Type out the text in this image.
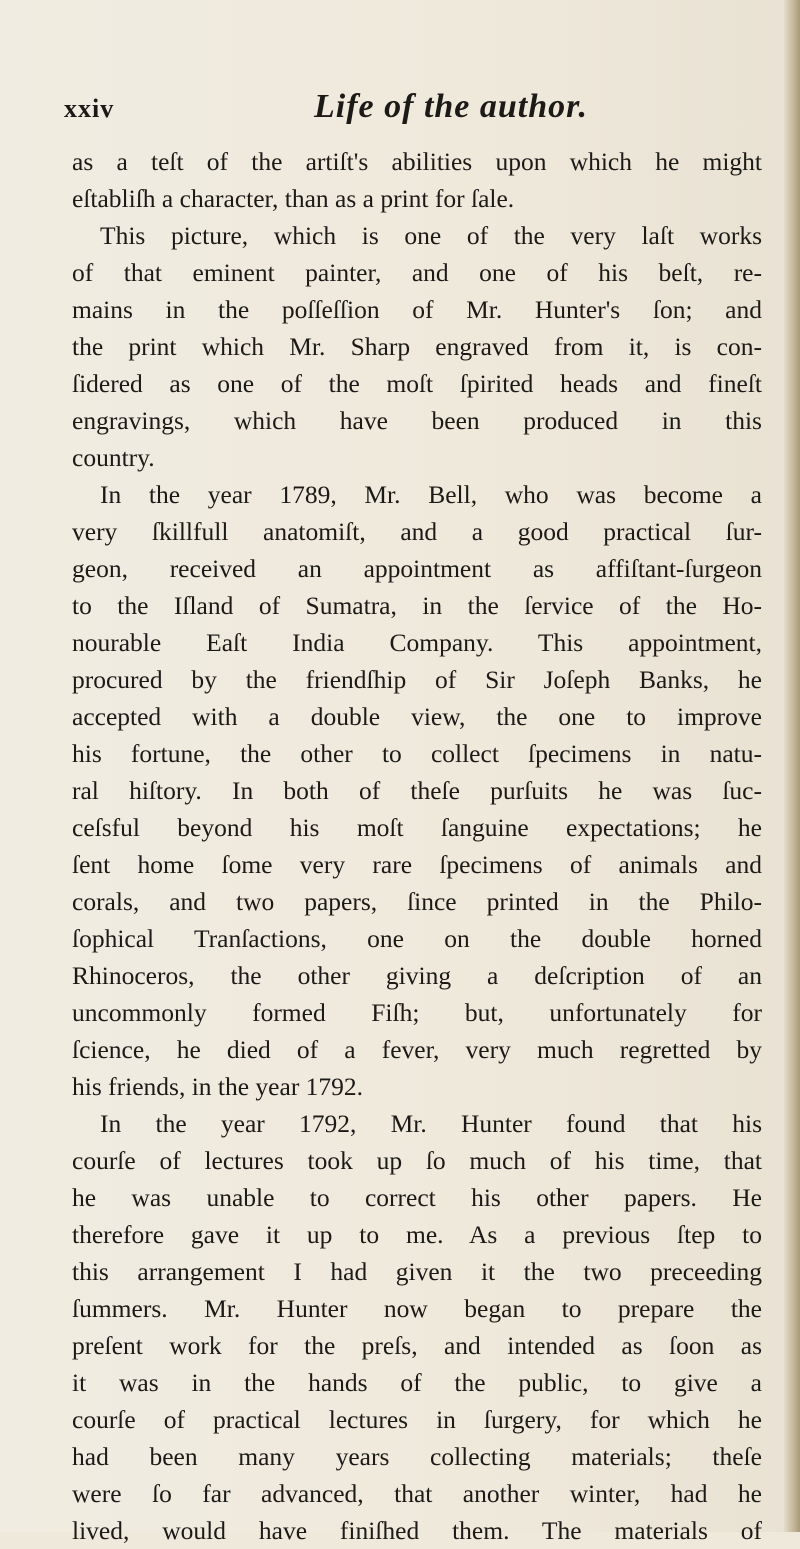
xxiv	Life of the author.
as a teſt of the artiſt's abilities upon which he might
eſtabliſh a character, than as a print for ſale.
This picture, which is one of the very laſt works
of that eminent painter, and one of his beſt, re-
mains in the poſſeſſion of Mr. Hunter's ſon; and
the print which Mr. Sharp engraved from it, is con-
ſidered as one of the moſt ſpirited heads and fineſt
engravings, which have been produced in this
country.
In the year 1789, Mr. Bell, who was become a
very ſkillfull anatomiſt, and a good practical ſur-
geon, received an appointment as affiſtant-ſurgeon
to the Iſland of Sumatra, in the ſervice of the Ho-
nourable Eaſt India Company. This appointment,
procured by the friendſhip of Sir Joſeph Banks, he
accepted with a double view, the one to improve
his fortune, the other to collect ſpecimens in natu-
ral hiſtory. In both of theſe purſuits he was ſuc-
ceſsful beyond his moſt ſanguine expectations; he
ſent home ſome very rare ſpecimens of animals and
corals, and two papers, ſince printed in the Philo-
ſophical Tranſactions, one on the double horned
Rhinoceros, the other giving a deſcription of an
uncommonly formed Fiſh; but, unfortunately for
ſcience, he died of a fever, very much regretted by
his friends, in the year 1792.
In the year 1792, Mr. Hunter found that his
courſe of lectures took up ſo much of his time, that
he was unable to correct his other papers. He
therefore gave it up to me. As a previous ſtep to
this arrangement I had given it the two preceeding
ſummers. Mr. Hunter now began to prepare the
preſent work for the preſs, and intended as ſoon as
it was in the hands of the public, to give a
courſe of practical lectures in ſurgery, for which he
had been many years collecting materials; theſe
were ſo far advanced, that another winter, had he
lived, would have finiſhed them. The materials of
